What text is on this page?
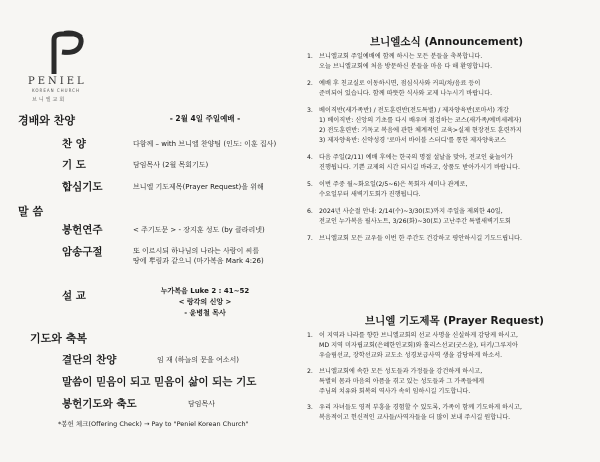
PENIEL
KOREAN CHURCH
브니엘교회
경배와 찬양	- 2월 4일 주일예배 -
찬 양	다함께 – with 브니엘 찬양팀 (인도: 이훈 집사)
기 도	담임목사 (2월 목회기도)
합심기도	브니엘 기도제목(Prayer Request)을 위해
말 씀
봉헌연주	< 주기도문 > - 장지훈 성도 (by 클라리넷)
암송구절	또 이르시되 하나님의 나라는 사람이 씨를
땅에 뿌림과 같으니 (마가복음 Mark 4:26)
설 교	누가복음 Luke 2 : 41~52
< 랑각의 신앙 >
- 윤병철 목사
기도와 축복
결단의 찬양	임 재 (하늘의 문을 여소서)
말씀이 믿음이 되고 믿음이 삶이 되는 기도
봉헌기도와 축도	담임목사
*봉헌 체크(Offering Check) → Pay to "Peniel Korean Church"
브니엘소식 (Announcement)
1. 브니엘교회 주일예배에 함께 하시는 모든 분들을 축복합니다.
오늘 브니엘교회에 처음 방문하신 분들을 마음 다 해 환영합니다.
2. 예배 후 친교실로 이동하시면, 점심식사와 커피/차/음료 등이
준비되어 있습니다. 함께 따뜻한 식사와 교제 나누시기 바랍니다.
3. 베이직반(새가족반) / 전도훈련반(전도특별) / 제자양육반(로마서) 개강
1) 베이직반: 신앙의 기초를 다시 배우며 점검하는 코스(새가족/예비세례자)
2) 전도훈련반: 기독교 복음에 관한 체계적인 교육>실제 현장전도 훈련까지
3) 제자양육반: 신약성경 '로마서 바이블 스터디'를 통한 제자양육코스
4. 다음 주일(2/11) 예배 후에는 한국의 명절 설날을 맞아, 전교인 윷놀이가
진행됩니다. 기쁜 교제의 시간 되시길 바라고, 상품도 받아가시기 바랍니다.
5. 이번 주중 월~화요일(2/5~6)은 목회자 세미나 관계로,
수요일부터 새벽기도회가 진행됩니다.
6. 2024년 사순절 안내: 2/14(수)~3/30(토)까지 주일을 제외한 40일,
전교인 누가복음 필사노트, 3/26(화)~30(토) 고난주간 특별새벽기도회
7. 브니엘교회 모든 교우들 이번 한 주간도 건강하고 평안하시길 기도드립니다.
브니엘 기도제목 (Prayer Request)
1. 이 지역과 나라를 향한 브니엘교회의 선교 사명을 신실하게 감당케 하시고,
MD 지역 미자립교회(은혜한인교회)와 홀리스선교(굿스윤), 터키/그루지아
우슬림선교, 장학선교와 교도소 성경보급사역 생을 감당하게 하소서.
2. 브니엘교회에 속한 모든 성도들과 가정들을 강건하게 하시고,
특별히 몸과 마음의 아픔을 겪고 있는 성도들과 그 가족들에게
주님의 치유와 회복의 역사가 속히 임하시길 기도합니다.
3. 우리 자녀들도 영적 부흥을 경험할 수 있도록, 가족이 함께 기도하게 하시고,
복음적이고 헌신적인 교사들/사역자들을 더 많이 보내 주시길 원합니다.
